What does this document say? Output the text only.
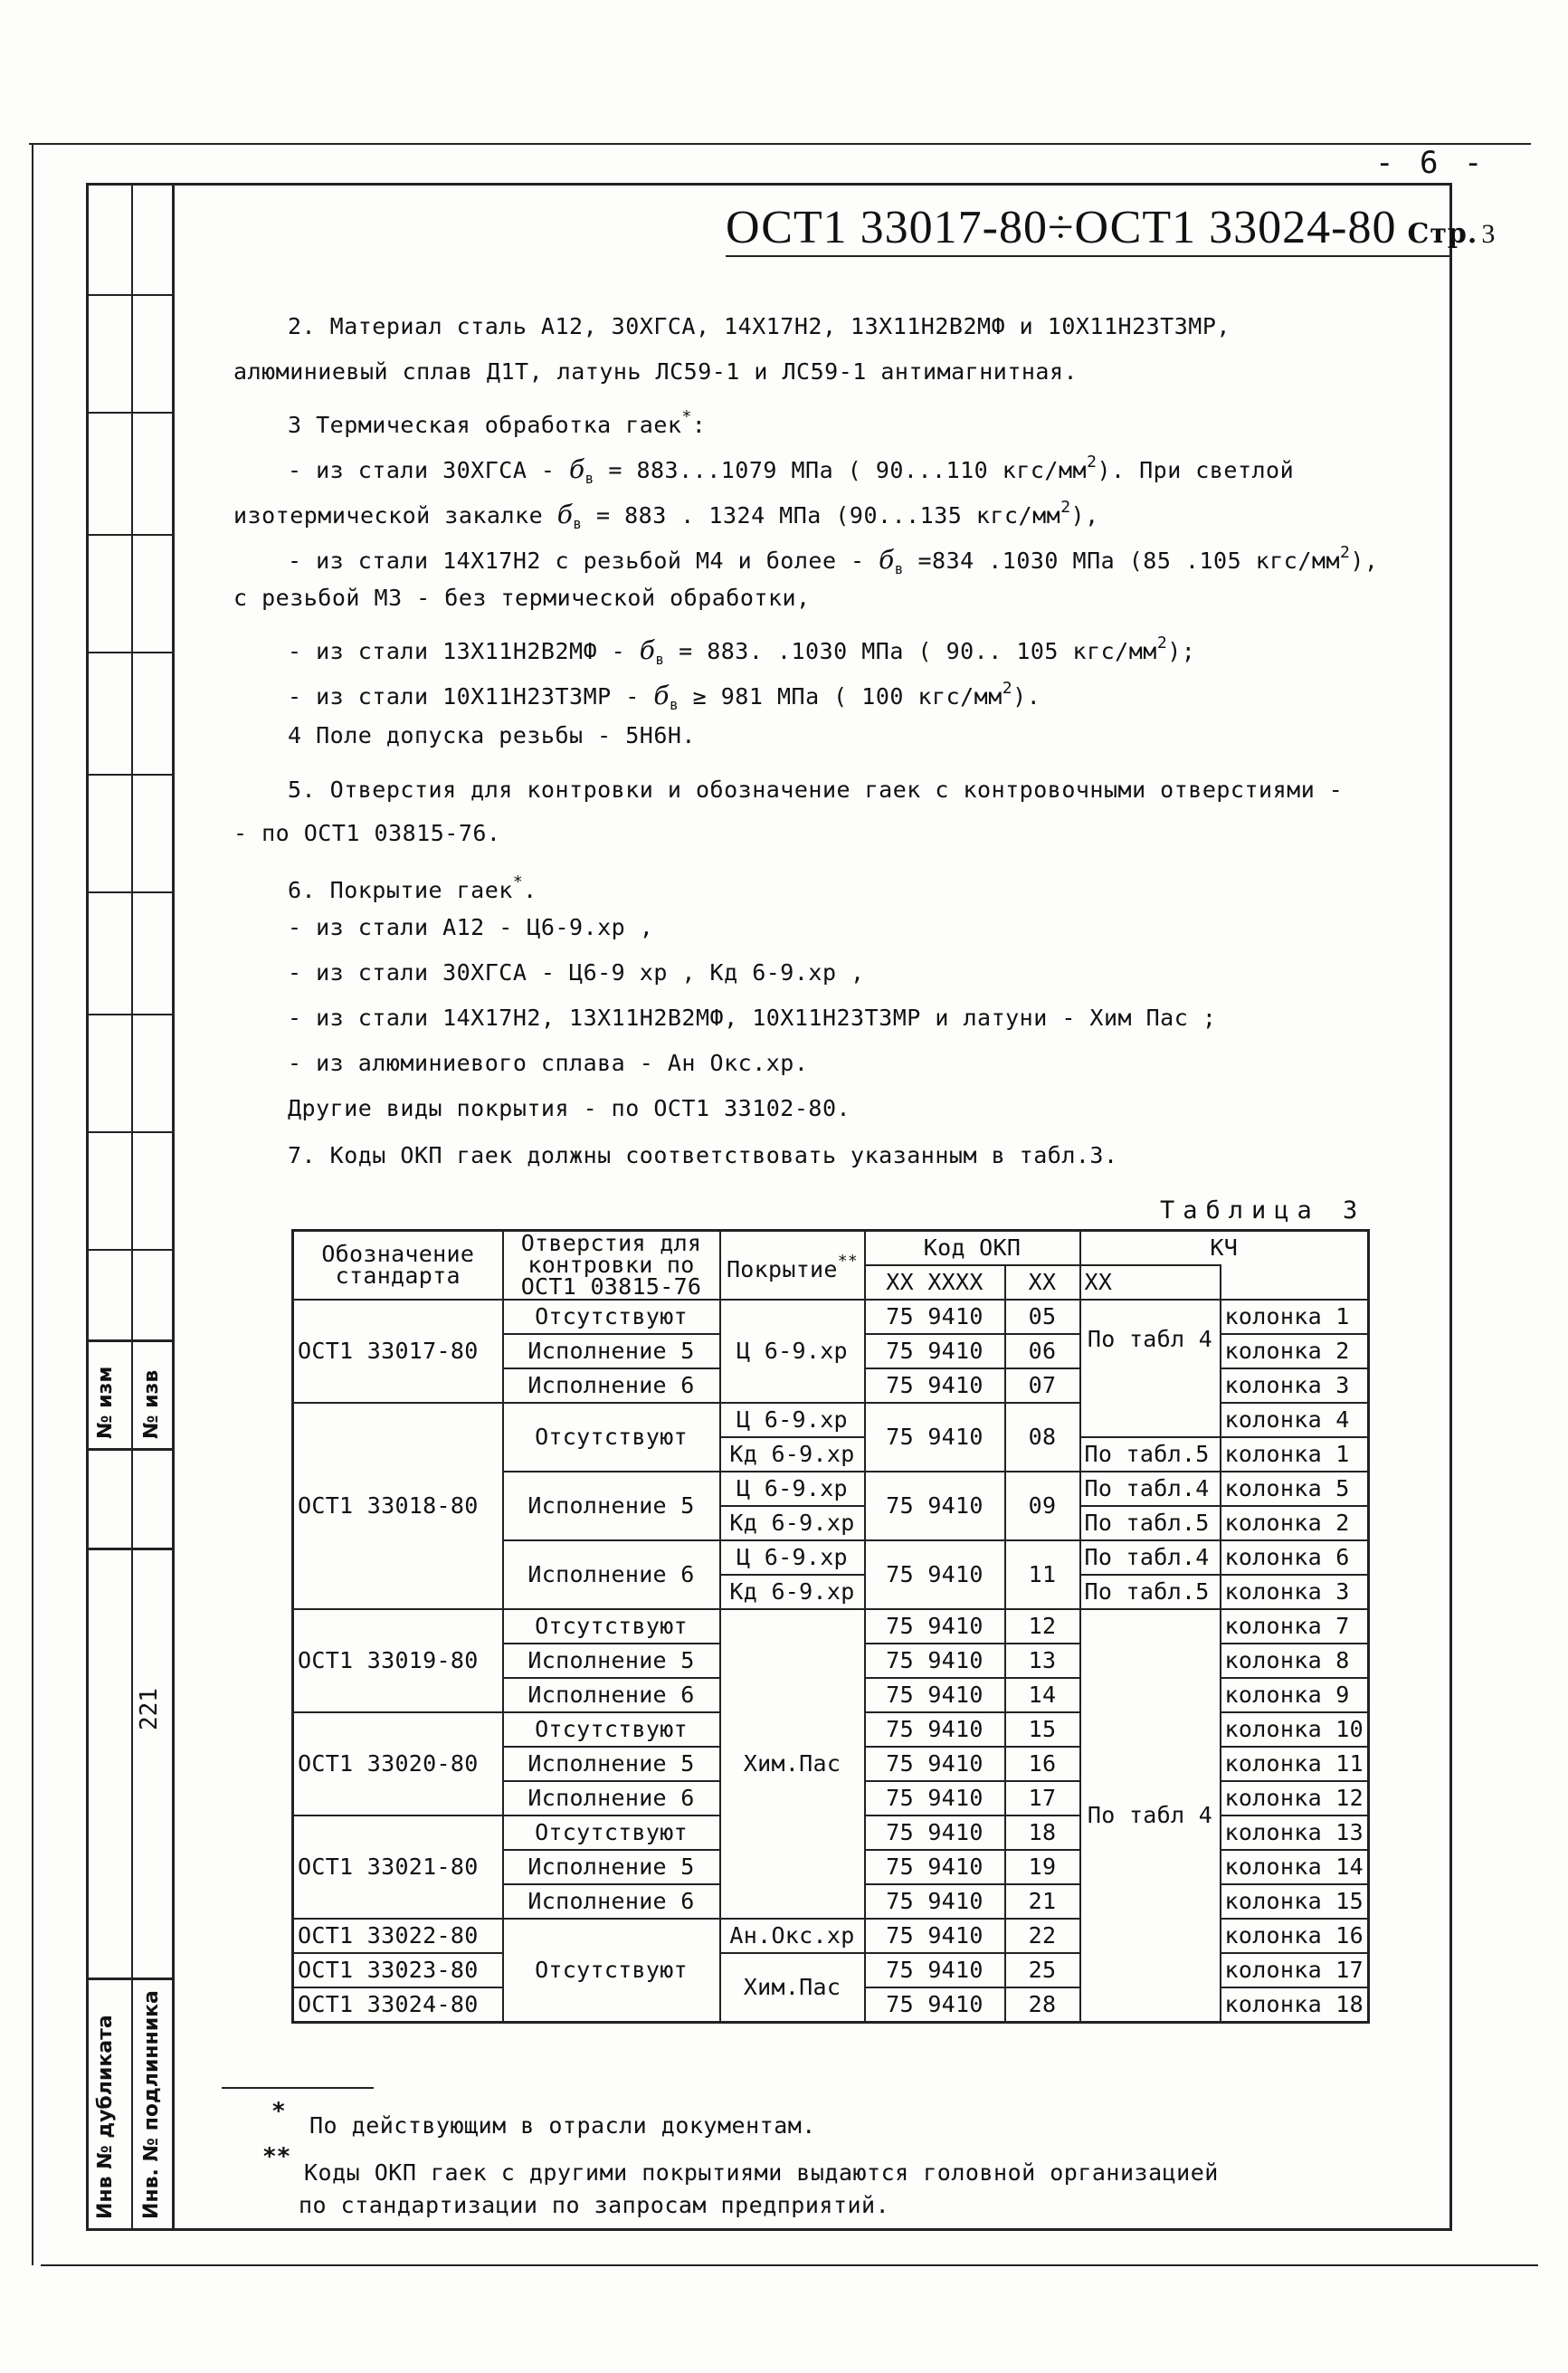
№ изм № изв
221
Инв № дубликата Инв. № подлинника
- 6 -
ОСТ1 33017-80÷ОСТ1 33024-80 Стр. 3
2. Материал сталь А12, 30ХГСА, 14Х17Н2, 13Х11Н2В2МФ и 10Х11Н23Т3МР,
алюминиевый сплав Д1Т, латунь ЛС59-1 и ЛС59-1 антимагнитная.
3 Термическая обработка гаек*:
- из стали 30ХГСА - $б_в = 883...1079$ МПа ( 90...110 кгс/$мм^2$). При светлой
изотермической закалке $б_в = 883$ . 1324 МПа (90...135 кгс/$мм^2$),
- из стали 14Х17Н2 с резьбой М4 и более - $б_в =834$ .1030 МПа (85 .105 кгс/$мм^2$),
с резьбой М3 - без термической обработки,
- из стали $13Х11Н2В2МФ - б_в = 883$. .1030 МПа ( 90.. 105 кгс/$мм^2$);
- из стали $10Х11Н23Т3МР - б_в \ge 981$ МПа ( 100 кгс/$мм^2$).
4 Поле допуска резьбы - 5Н6Н.
5. Отверстия для контровки и обозначение гаек с контровочными отверстиями -
- по ОСТ1 03815-76.
6. Покрытие гаек*.
- из стали А12 - Ц6-9.хр ,
- из стали 30ХГСА - Ц6-9 хр , Кд 6-9.хр ,
- из стали 14Х17Н2, 13Х11Н2В2МФ, 10Х11Н23Т3МР и латуни - Хим Пас ;
- из алюминиевого сплава - Ан Окс.хр.
Другие виды покрытия - по ОСТ1 33102-80.
7. Коды ОКП гаек должны соответствовать указанным в табл.3.
Таблица 3
Обозначение стандарта	Отверстия для контровки по ОСТ1 03815-76	Покрытие**	Код ОКП		КЧ	
			XX XXXX	XX	XX	
ОСТ1 33017-80	Отсутствуют	Ц 6-9.хр	75 9410	05	По табл 4	колонка 1
	Исполнение 5		75 9410	06		колонка 2
	Исполнение 6		75 9410	07		колонка 3
ОСТ1 33018-80	Отсутствуют	Ц 6-9.хр	75 9410	08		колонка 4
		Кд 6-9.хр			По табл.5	колонка 1
	Исполнение 5	Ц 6-9.хр	75 9410	09	По табл.4	колонка 5
		Кд 6-9.хр			По табл.5	колонка 2
	Исполнение 6	Ц 6-9.хр	75 9410	11	По табл.4	колонка 6
		Кд 6-9.хр			По табл.5	колонка 3
ОСТ1 33019-80	Отсутствуют	Хим.Пас	75 9410	12	По табл 4	колонка 7
	Исполнение 5		75 9410	13		колонка 8
	Исполнение 6		75 9410	14		колонка 9
ОСТ1 33020-80	Отсутствуют		75 9410	15		колонка 10
	Исполнение 5		75 9410	16		колонка 11
	Исполнение 6		75 9410	17		колонка 12
ОСТ1 33021-80	Отсутствуют		75 9410	18		колонка 13
	Исполнение 5		75 9410	19		колонка 14
	Исполнение 6		75 9410	21		колонка 15
ОСТ1 33022-80	Отсутствуют	Ан.Окс.хр	75 9410	22		колонка 16
ОСТ1 33023-80		Хим.Пас	75 9410	25		колонка 17
ОСТ1 33024-80			75 9410	28		колонка 18
*
По действующим в отрасли документам.
**
Коды ОКП гаек с другими покрытиями выдаются головной организацией
по стандартизации по запросам предприятий.
